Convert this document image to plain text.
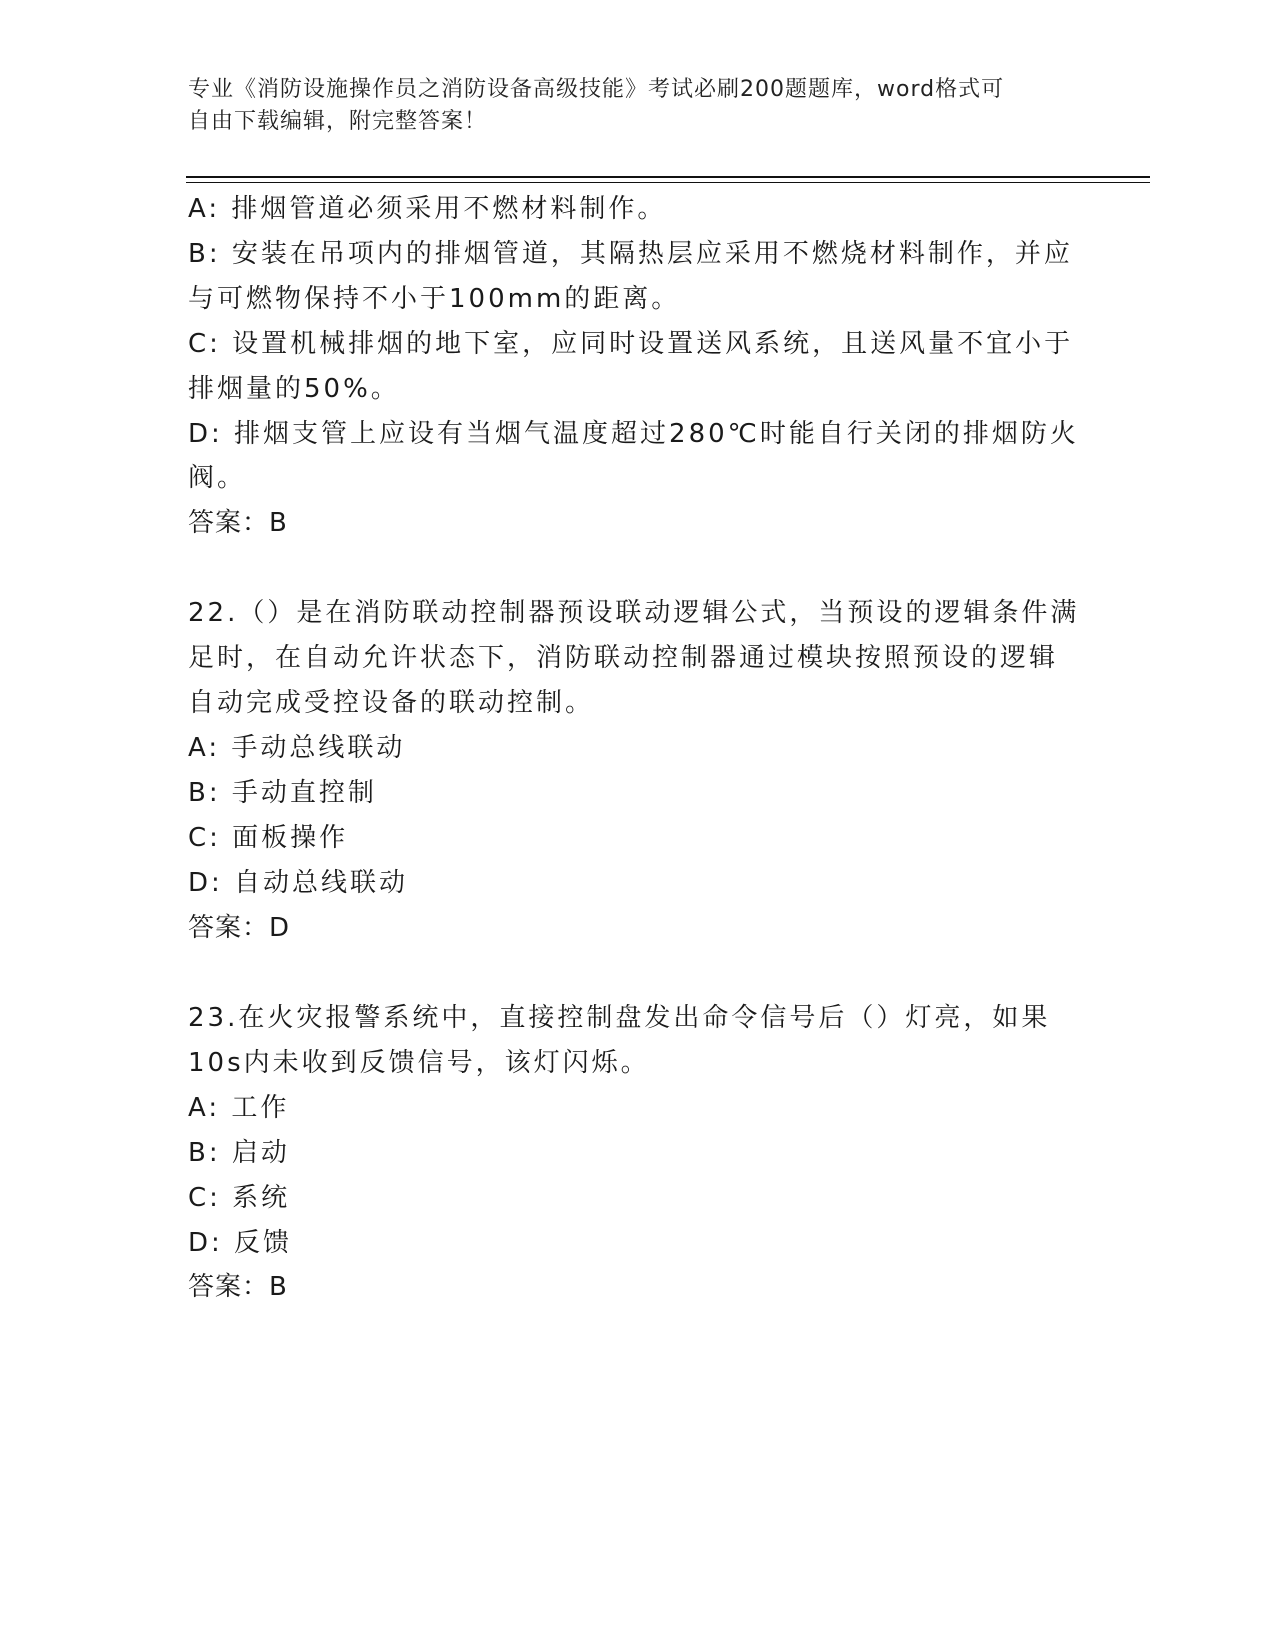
专业《消防设施操作员之消防设备高级技能》考试必刷200题题库，word格式可
自由下载编辑，附完整答案！
A: 排烟管道必须采用不燃材料制作。
B: 安装在吊项内的排烟管道，其隔热层应采用不燃烧材料制作，并应
与可燃物保持不小于100mm的距离。
C: 设置机械排烟的地下室，应同时设置送风系统，且送风量不宜小于
排烟量的50%。
D: 排烟支管上应设有当烟气温度超过280℃时能自行关闭的排烟防火
阀。
答案：B
22.（）是在消防联动控制器预设联动逻辑公式，当预设的逻辑条件满
足时，在自动允许状态下，消防联动控制器通过模块按照预设的逻辑
自动完成受控设备的联动控制。
A: 手动总线联动
B: 手动直控制
C: 面板操作
D: 自动总线联动
答案：D
23.在火灾报警系统中，直接控制盘发出命令信号后（）灯亮，如果
10s内未收到反馈信号，该灯闪烁。
A: 工作
B: 启动
C: 系统
D: 反馈
答案：B
